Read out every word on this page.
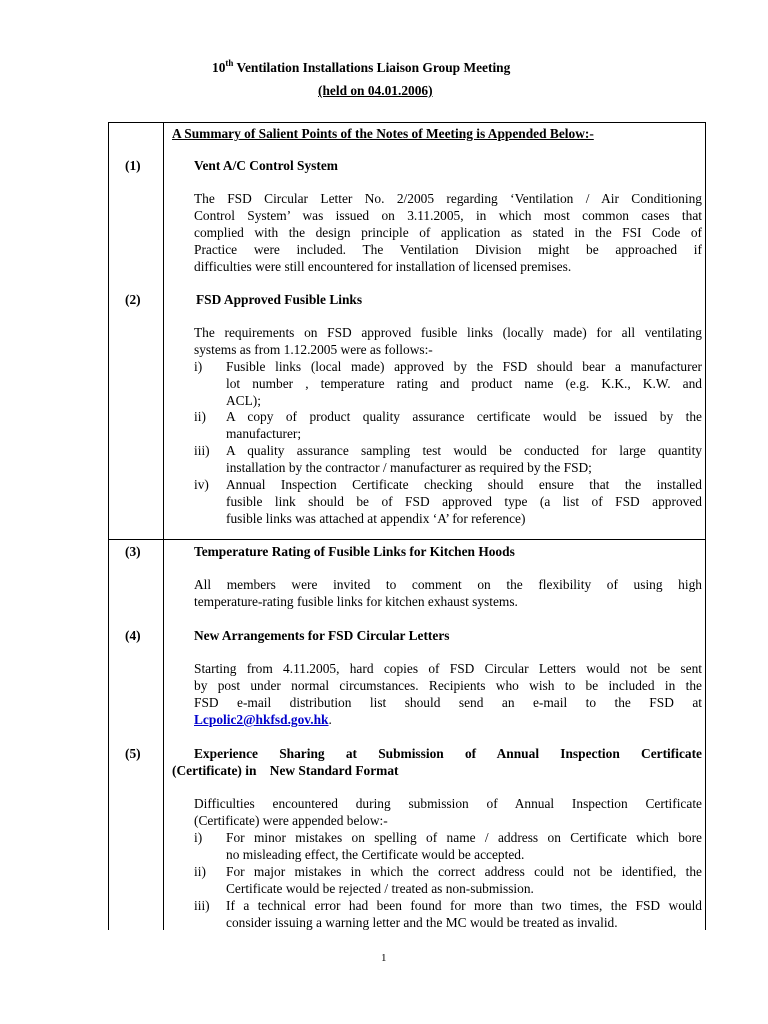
10th Ventilation Installations Liaison Group Meeting
(held on 04.01.2006)
A Summary of Salient Points of the Notes of Meeting is Appended Below:-
(1)	Vent A/C Control System
The FSD Circular Letter No. 2/2005 regarding ‘Ventilation / Air Conditioning
Control System’ was issued on 3.11.2005, in which most common cases that
complied with the design principle of application as stated in the FSI Code of
Practice were included. The Ventilation Division might be approached if
difficulties were still encountered for installation of licensed premises.
(2)	FSD Approved Fusible Links
The requirements on FSD approved fusible links (locally made) for all ventilating
systems as from 1.12.2005 were as follows:-
i) Fusible links (local made) approved by the FSD should bear a manufacturer
lot number , temperature rating and product name (e.g. K.K., K.W. and
ACL);
ii) A copy of product quality assurance certificate would be issued by the
manufacturer;
iii) A quality assurance sampling test would be conducted for large quantity
installation by the contractor / manufacturer as required by the FSD;
iv) Annual Inspection Certificate checking should ensure that the installed
fusible link should be of FSD approved type (a list of FSD approved
fusible links was attached at appendix ‘A’ for reference)
(3)	Temperature Rating of Fusible Links for Kitchen Hoods
All members were invited to comment on the flexibility of using high
temperature-rating fusible links for kitchen exhaust systems.
(4)	New Arrangements for FSD Circular Letters
Starting from 4.11.2005, hard copies of FSD Circular Letters would not be sent
by post under normal circumstances. Recipients who wish to be included in the
FSD e-mail distribution list should send an e-mail to the FSD at
Lcpolic2@hkfsd.gov.hk.
(5)	Experience Sharing at Submission of Annual Inspection Certificate
(Certificate) in    New Standard Format
Difficulties encountered during submission of Annual Inspection Certificate
(Certificate) were appended below:-
i) For minor mistakes on spelling of name / address on Certificate which bore
no misleading effect, the Certificate would be accepted.
ii) For major mistakes in which the correct address could not be identified, the
Certificate would be rejected / treated as non-submission.
iii) If a technical error had been found for more than two times, the FSD would
consider issuing a warning letter and the MC would be treated as invalid.
1
